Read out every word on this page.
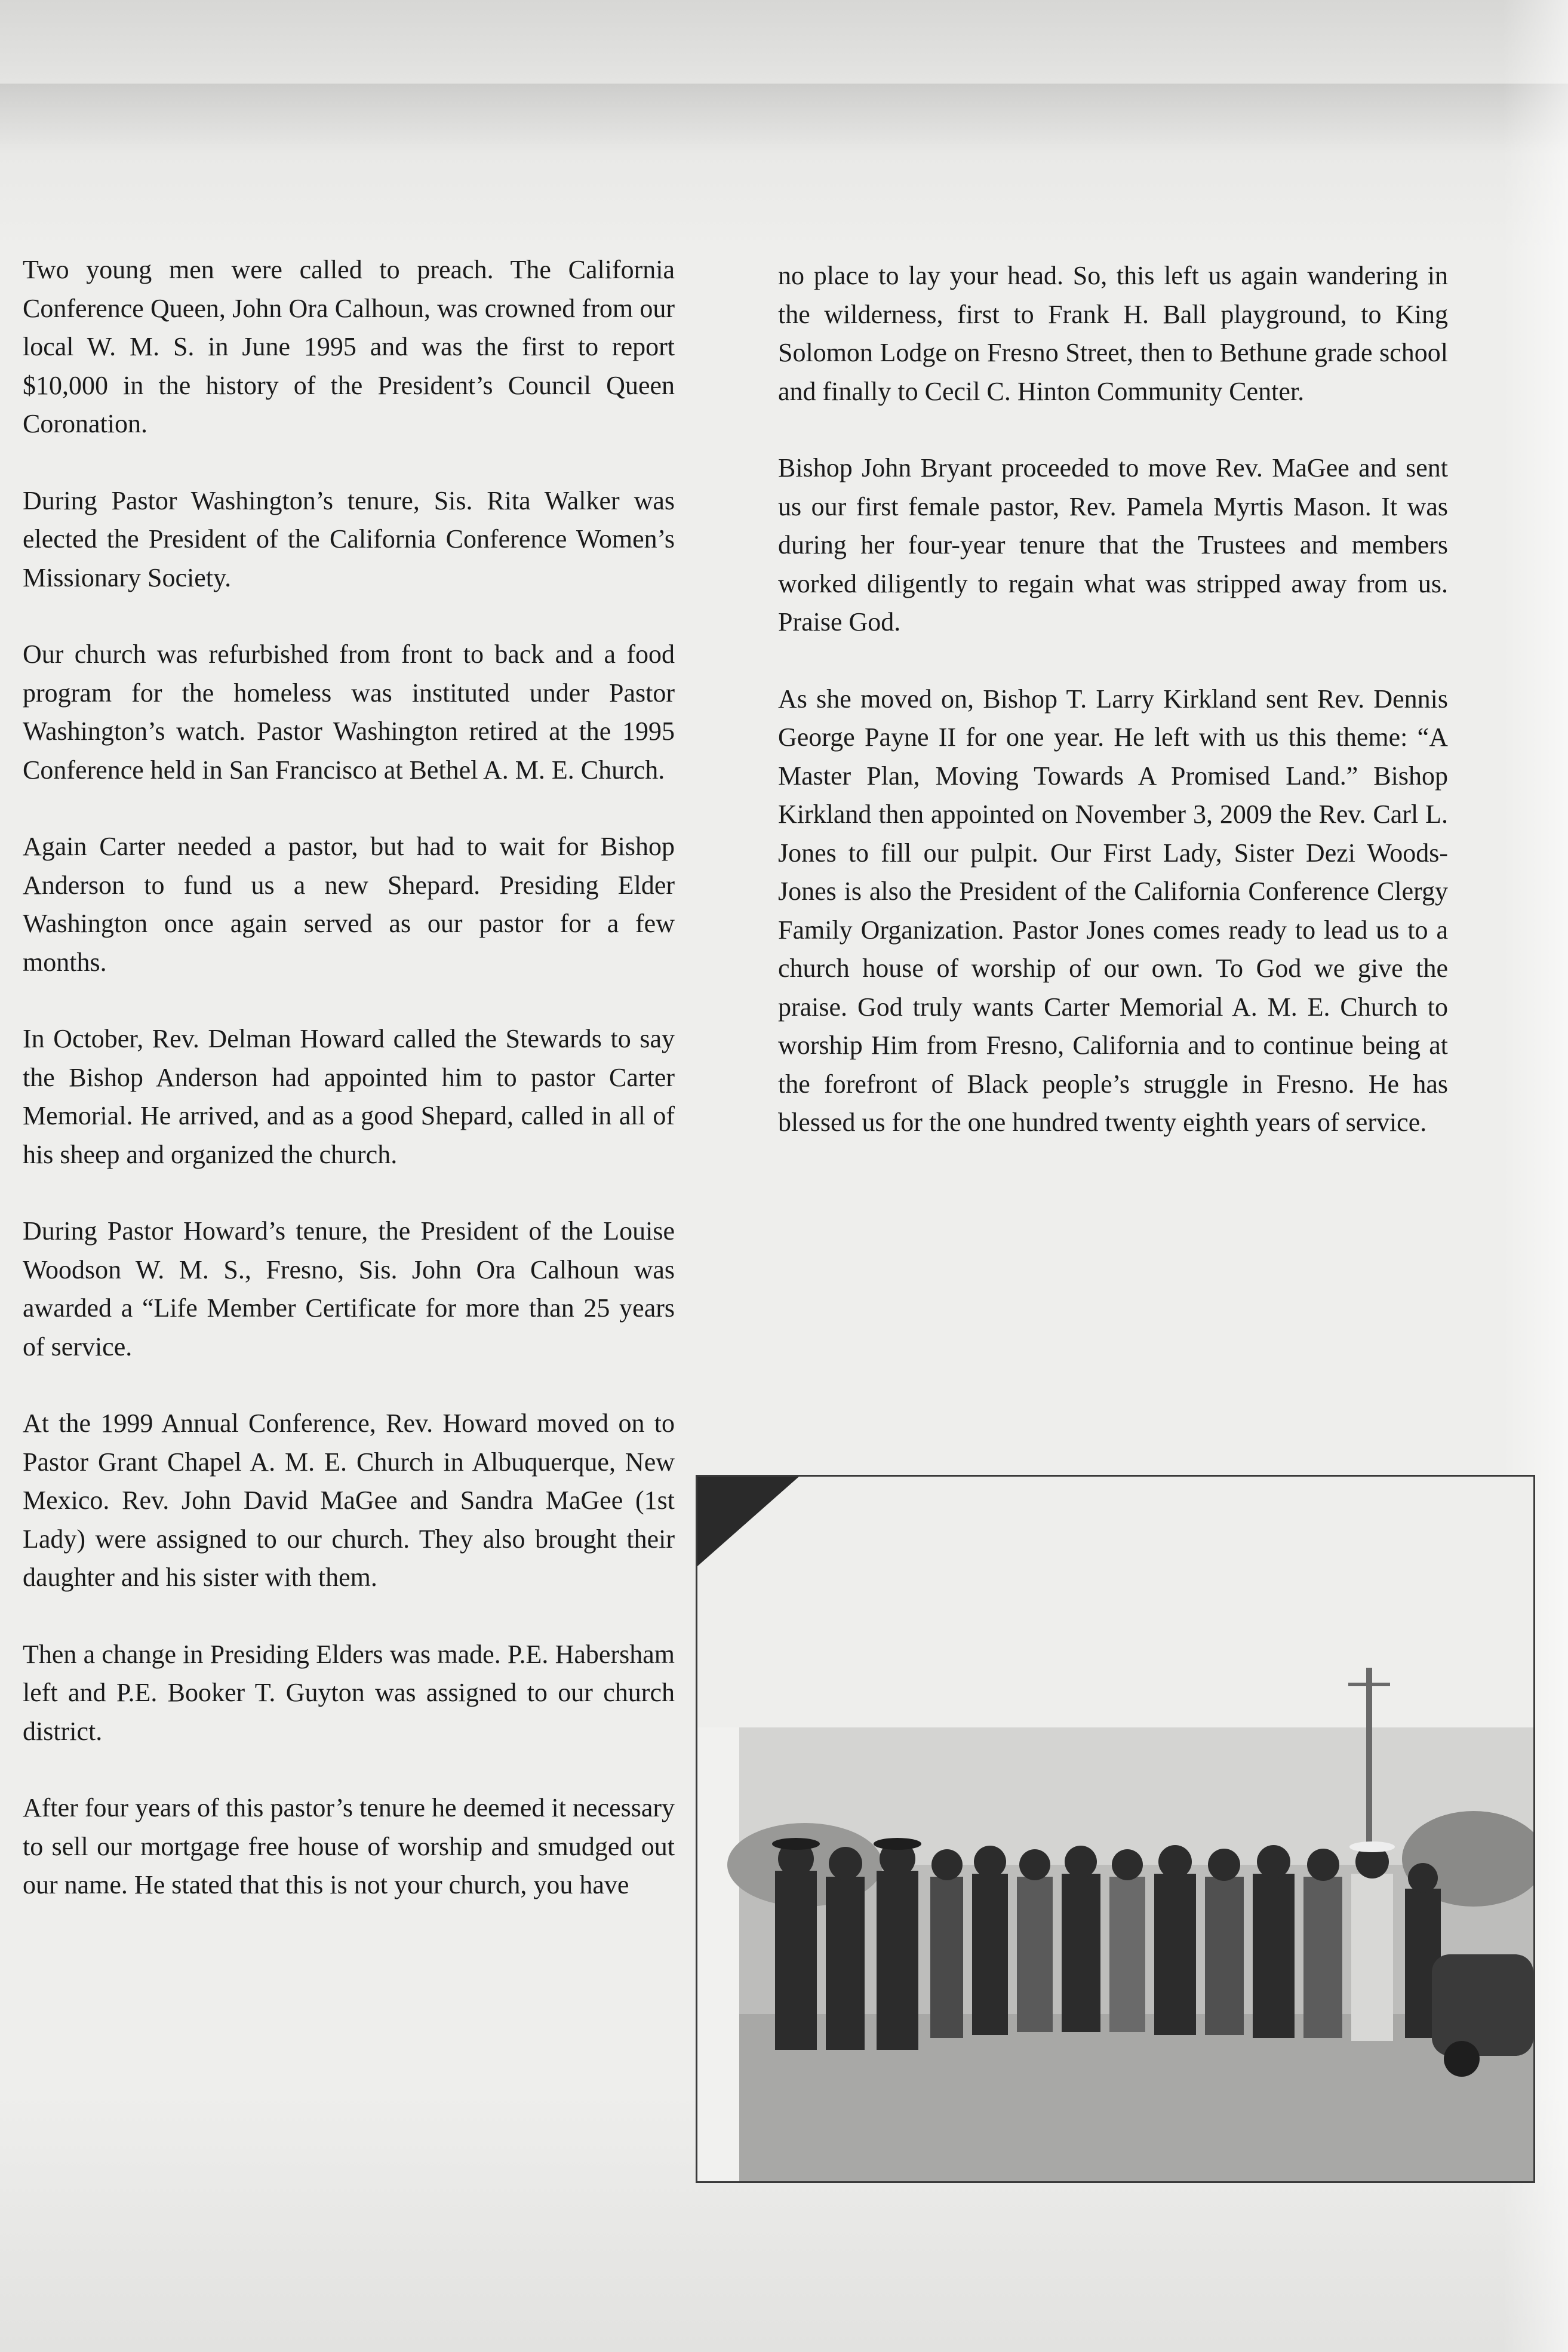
Two young men were called to preach. The California Conference Queen, John Ora Calhoun, was crowned from our local W. M. S. in June 1995 and was the first to report $10,000 in the history of the President’s Council Queen Coronation.

During Pastor Washington’s tenure, Sis. Rita Walker was elected the President of the California Conference Women’s Missionary Society.

Our church was refurbished from front to back and a food program for the homeless was instituted under Pastor Washington’s watch. Pastor Washington retired at the 1995 Conference held in San Francisco at Bethel A. M. E. Church.

Again Carter needed a pastor, but had to wait for Bishop Anderson to fund us a new Shepard. Presiding Elder Washington once again served as our pastor for a few months.

In October, Rev. Delman Howard called the Stewards to say the Bishop Anderson had appointed him to pastor Carter Memorial. He arrived, and as a good Shepard, called in all of his sheep and organized the church.

During Pastor Howard’s tenure, the President of the Louise Woodson W. M. S., Fresno, Sis. John Ora Calhoun was awarded a “Life Member Certificate for more than 25 years of service.

At the 1999 Annual Conference, Rev. Howard moved on to Pastor Grant Chapel A. M. E. Church in Albuquerque, New Mexico. Rev. John David MaGee and Sandra MaGee (1st Lady) were assigned to our church. They also brought their daughter and his sister with them.

Then a change in Presiding Elders was made. P.E. Habersham left and P.E. Booker T. Guyton was assigned to our church district.

After four years of this pastor’s tenure he deemed it necessary to sell our mortgage free house of worship and smudged out our name. He stated that this is not your church, you have

no place to lay your head. So, this left us again wandering in the wilderness, first to Frank H. Ball playground, to King Solomon Lodge on Fresno Street, then to Bethune grade school and finally to Cecil C. Hinton Community Center.

Bishop John Bryant proceeded to move Rev. MaGee and sent us our first female pastor, Rev. Pamela Myrtis Mason. It was during her four-year tenure that the Trustees and members worked diligently to regain what was stripped away from us. Praise God.

As she moved on, Bishop T. Larry Kirkland sent Rev. Dennis George Payne II for one year. He left with us this theme: “A Master Plan, Moving Towards A Promised Land.” Bishop Kirkland then appointed on November 3, 2009 the Rev. Carl L. Jones to fill our pulpit. Our First Lady, Sister Dezi Woods-Jones is also the President of the California Conference Clergy Family Organization. Pastor Jones comes ready to lead us to a church house of worship of our own. To God we give the praise. God truly wants Carter Memorial A. M. E. Church to worship Him from Fresno, California and to continue being at the forefront of Black people’s struggle in Fresno. He has blessed us for the one hundred twenty eighth years of service.
